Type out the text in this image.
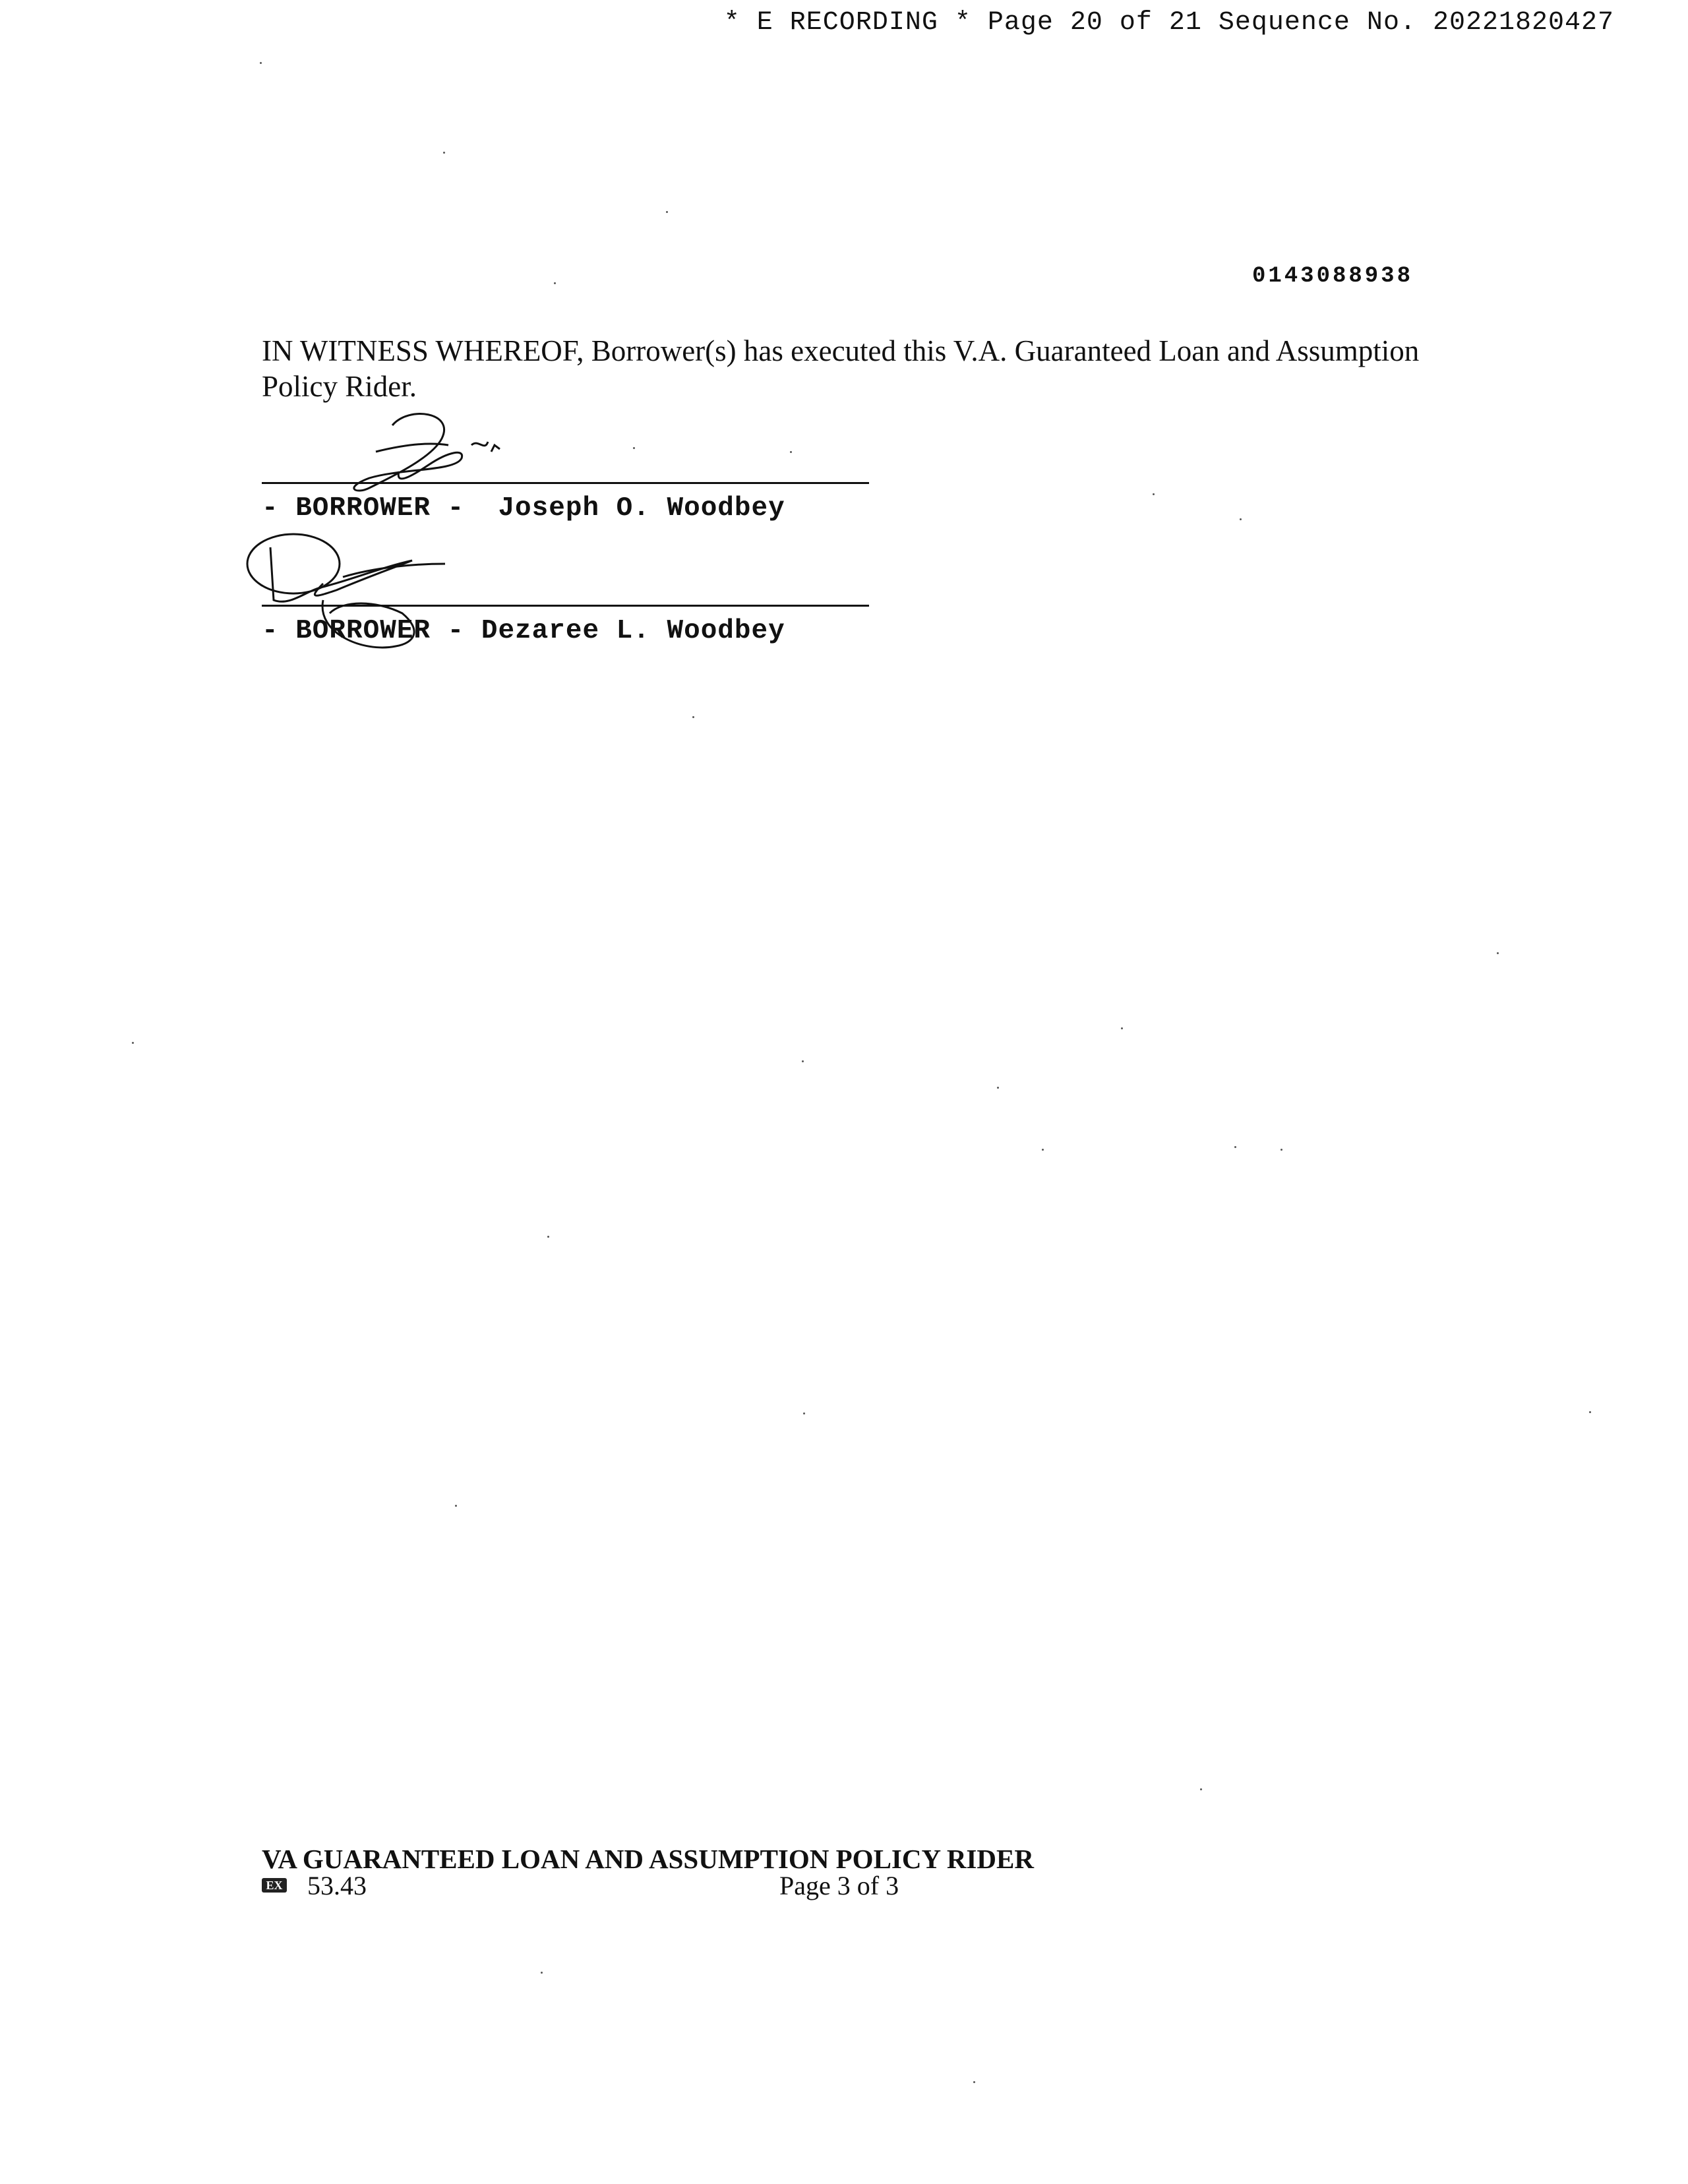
* E RECORDING * Page 20 of 21 Sequence No. 20221820427
0143088938
IN WITNESS WHEREOF, Borrower(s) has executed this V.A. Guaranteed Loan and Assumption Policy Rider.
- BORROWER -  Joseph O. Woodbey
- BORROWER - Dezaree L. Woodbey
VA GUARANTEED LOAN AND ASSUMPTION POLICY RIDER
EX 53.43	Page 3 of 3
